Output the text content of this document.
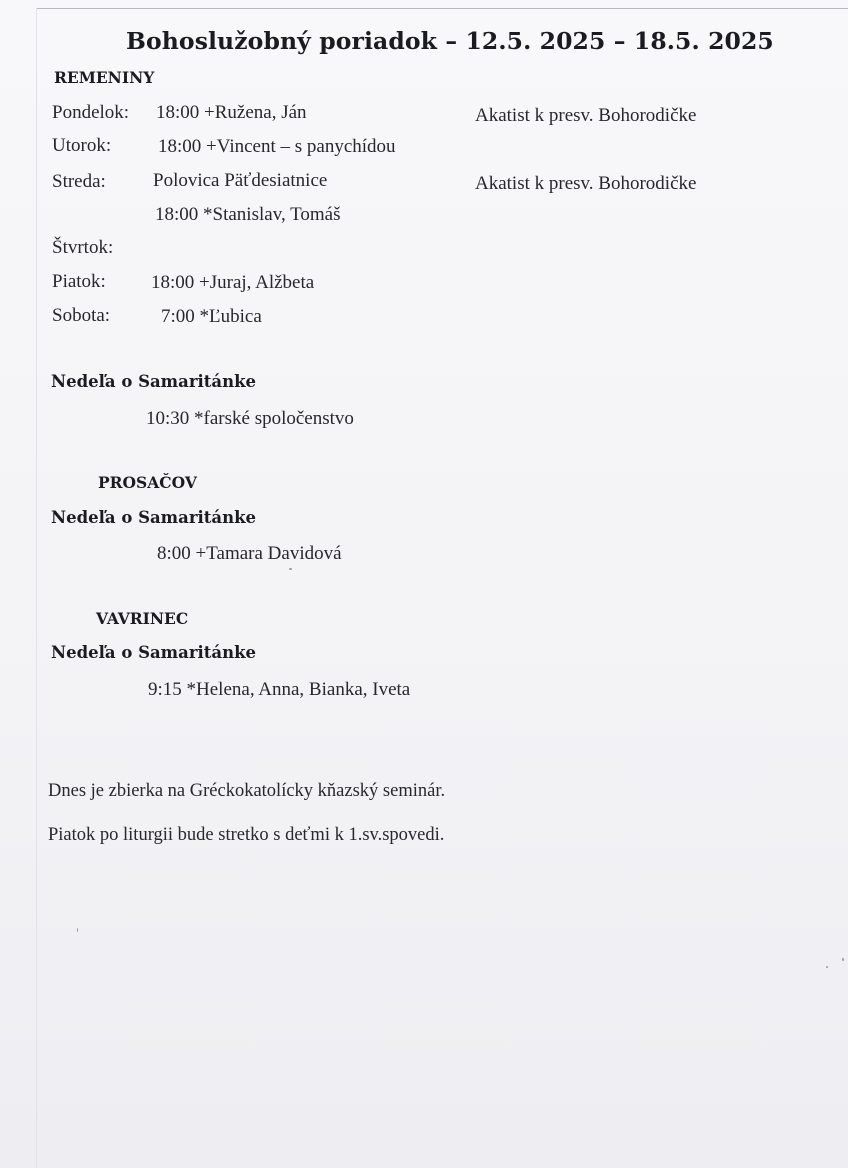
Bohoslužobný poriadok – 12.5. 2025 – 18.5. 2025
REMENINY
Pondelok: 18:00 +Ružena, Ján	Akatist k presv. Bohorodičke
Utorok: 18:00 +Vincent – s panychídou
Streda: Polovica Päťdesiatnice	Akatist k presv. Bohorodičke
18:00 *Stanislav, Tomáš
Štvrtok:
Piatok: 18:00 +Juraj, Alžbeta
Sobota:	7:00 *Ľubica
Nedeľa o Samaritánke
10:30 *farské spoločenstvo
PROSAČOV
Nedeľa o Samaritánke
8:00 +Tamara Davidová
VAVRINEC
Nedeľa o Samaritánke
9:15 *Helena, Anna, Bianka, Iveta
Dnes je zbierka na Gréckokatolícky kňazský seminár.
Piatok po liturgii bude stretko s deťmi k 1.sv.spovedi.
